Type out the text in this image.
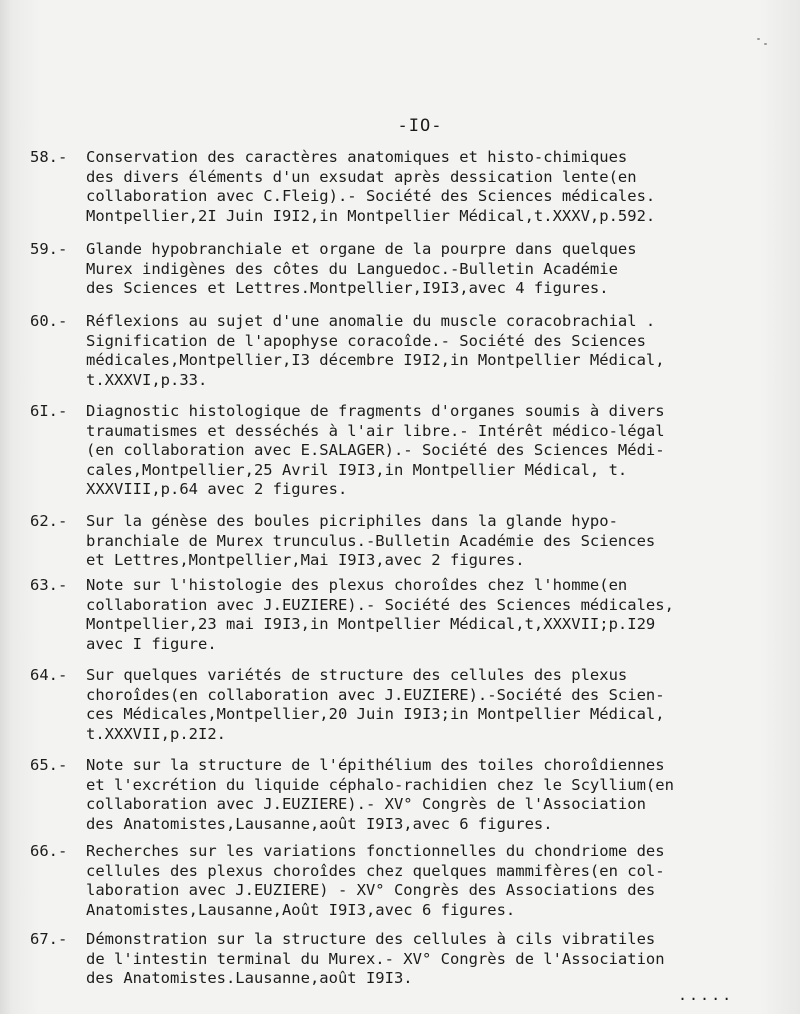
-IO-
58.-	Conservation des caractères anatomiques et histo-chimiques
des divers éléments d'un exsudat après dessication lente(en
collaboration avec C.Fleig).- Société des Sciences médicales.
Montpellier,2I Juin I9I2,in Montpellier Médical,t.XXXV,p.592.
59.-	Glande hypobranchiale et organe de la pourpre dans quelques
Murex indigènes des côtes du Languedoc.-Bulletin Académie
des Sciences et Lettres.Montpellier,I9I3,avec 4 figures.
60.-	Réflexions au sujet d'une anomalie du muscle coracobrachial .
Signification de l'apophyse coracoîde.- Société des Sciences
médicales,Montpellier,I3 décembre I9I2,in Montpellier Médical,
t.XXXVI,p.33.
6I.-	Diagnostic histologique de fragments d'organes soumis à divers
traumatismes et desséchés à l'air libre.- Intérêt médico-légal
(en collaboration avec E.SALAGER).- Société des Sciences Médi-
cales,Montpellier,25 Avril I9I3,in Montpellier Médical, t.
XXXVIII,p.64 avec 2 figures.
62.-	Sur la génèse des boules picriphiles dans la glande hypo-
branchiale de Murex trunculus.-Bulletin Académie des Sciences
et Lettres,Montpellier,Mai I9I3,avec 2 figures.
63.-	Note sur l'histologie des plexus choroîdes chez l'homme(en
collaboration avec J.EUZIERE).- Société des Sciences médicales,
Montpellier,23 mai I9I3,in Montpellier Médical,t,XXXVII;p.I29
avec I figure.
64.-	Sur quelques variétés de structure des cellules des plexus
choroîdes(en collaboration avec J.EUZIERE).-Société des Scien-
ces Médicales,Montpellier,20 Juin I9I3;in Montpellier Médical,
t.XXXVII,p.2I2.
65.-	Note sur la structure de l'épithélium des toiles choroîdiennes
et l'excrétion du liquide céphalo-rachidien chez le Scyllium(en
collaboration avec J.EUZIERE).- XV° Congrès de l'Association
des Anatomistes,Lausanne,août I9I3,avec 6 figures.
66.-	Recherches sur les variations fonctionnelles du chondriome des
cellules des plexus choroîdes chez quelques mammifères(en col-
laboration avec J.EUZIERE) - XV° Congrès des Associations des
Anatomistes,Lausanne,Août I9I3,avec 6 figures.
67.-	Démonstration sur la structure des cellules à cils vibratiles
de l'intestin terminal du Murex.- XV° Congrès de l'Association
des Anatomistes.Lausanne,août I9I3.
.....
